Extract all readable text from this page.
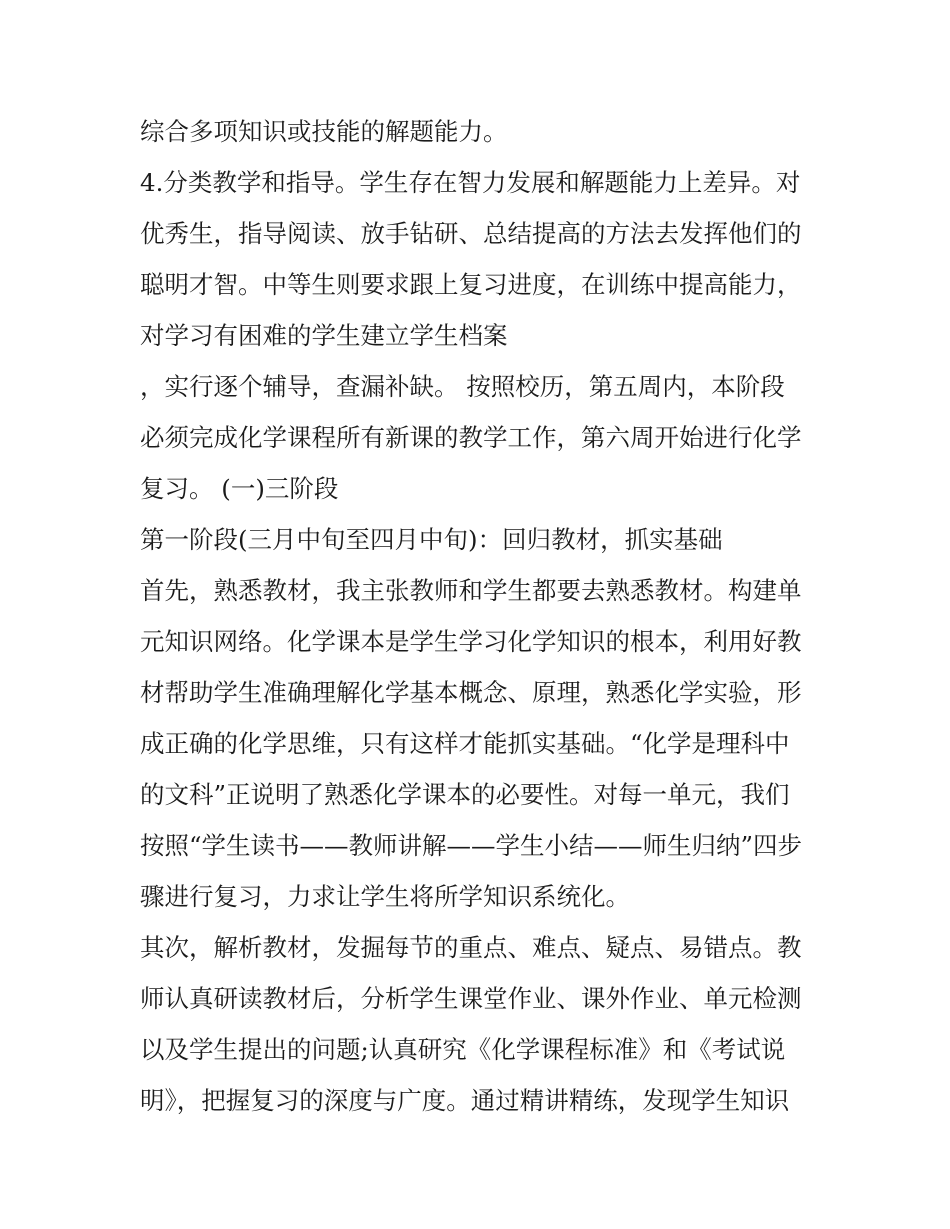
综合多项知识或技能的解题能力。
4.分类教学和指导。学生存在智力发展和解题能力上差异。对
优秀生，指导阅读、放手钻研、总结提高的方法去发挥他们的
聪明才智。中等生则要求跟上复习进度，在训练中提高能力，
对学习有困难的学生建立学生档案
，实行逐个辅导，查漏补缺。 按照校历，第五周内，本阶段
必须完成化学课程所有新课的教学工作，第六周开始进行化学
复习。 (一)三阶段
第一阶段(三月中旬至四月中旬)：回归教材，抓实基础
首先，熟悉教材，我主张教师和学生都要去熟悉教材。构建单
元知识网络。化学课本是学生学习化学知识的根本，利用好教
材帮助学生准确理解化学基本概念、原理，熟悉化学实验，形
成正确的化学思维，只有这样才能抓实基础。“化学是理科中
的文科”正说明了熟悉化学课本的必要性。对每一单元，我们
按照“学生读书——教师讲解——学生小结——师生归纳”四步
骤进行复习，力求让学生将所学知识系统化。
其次，解析教材，发掘每节的重点、难点、疑点、易错点。教
师认真研读教材后，分析学生课堂作业、课外作业、单元检测
以及学生提出的问题;认真研究《化学课程标准》和《考试说
明》，把握复习的深度与广度。通过精讲精练，发现学生知识
